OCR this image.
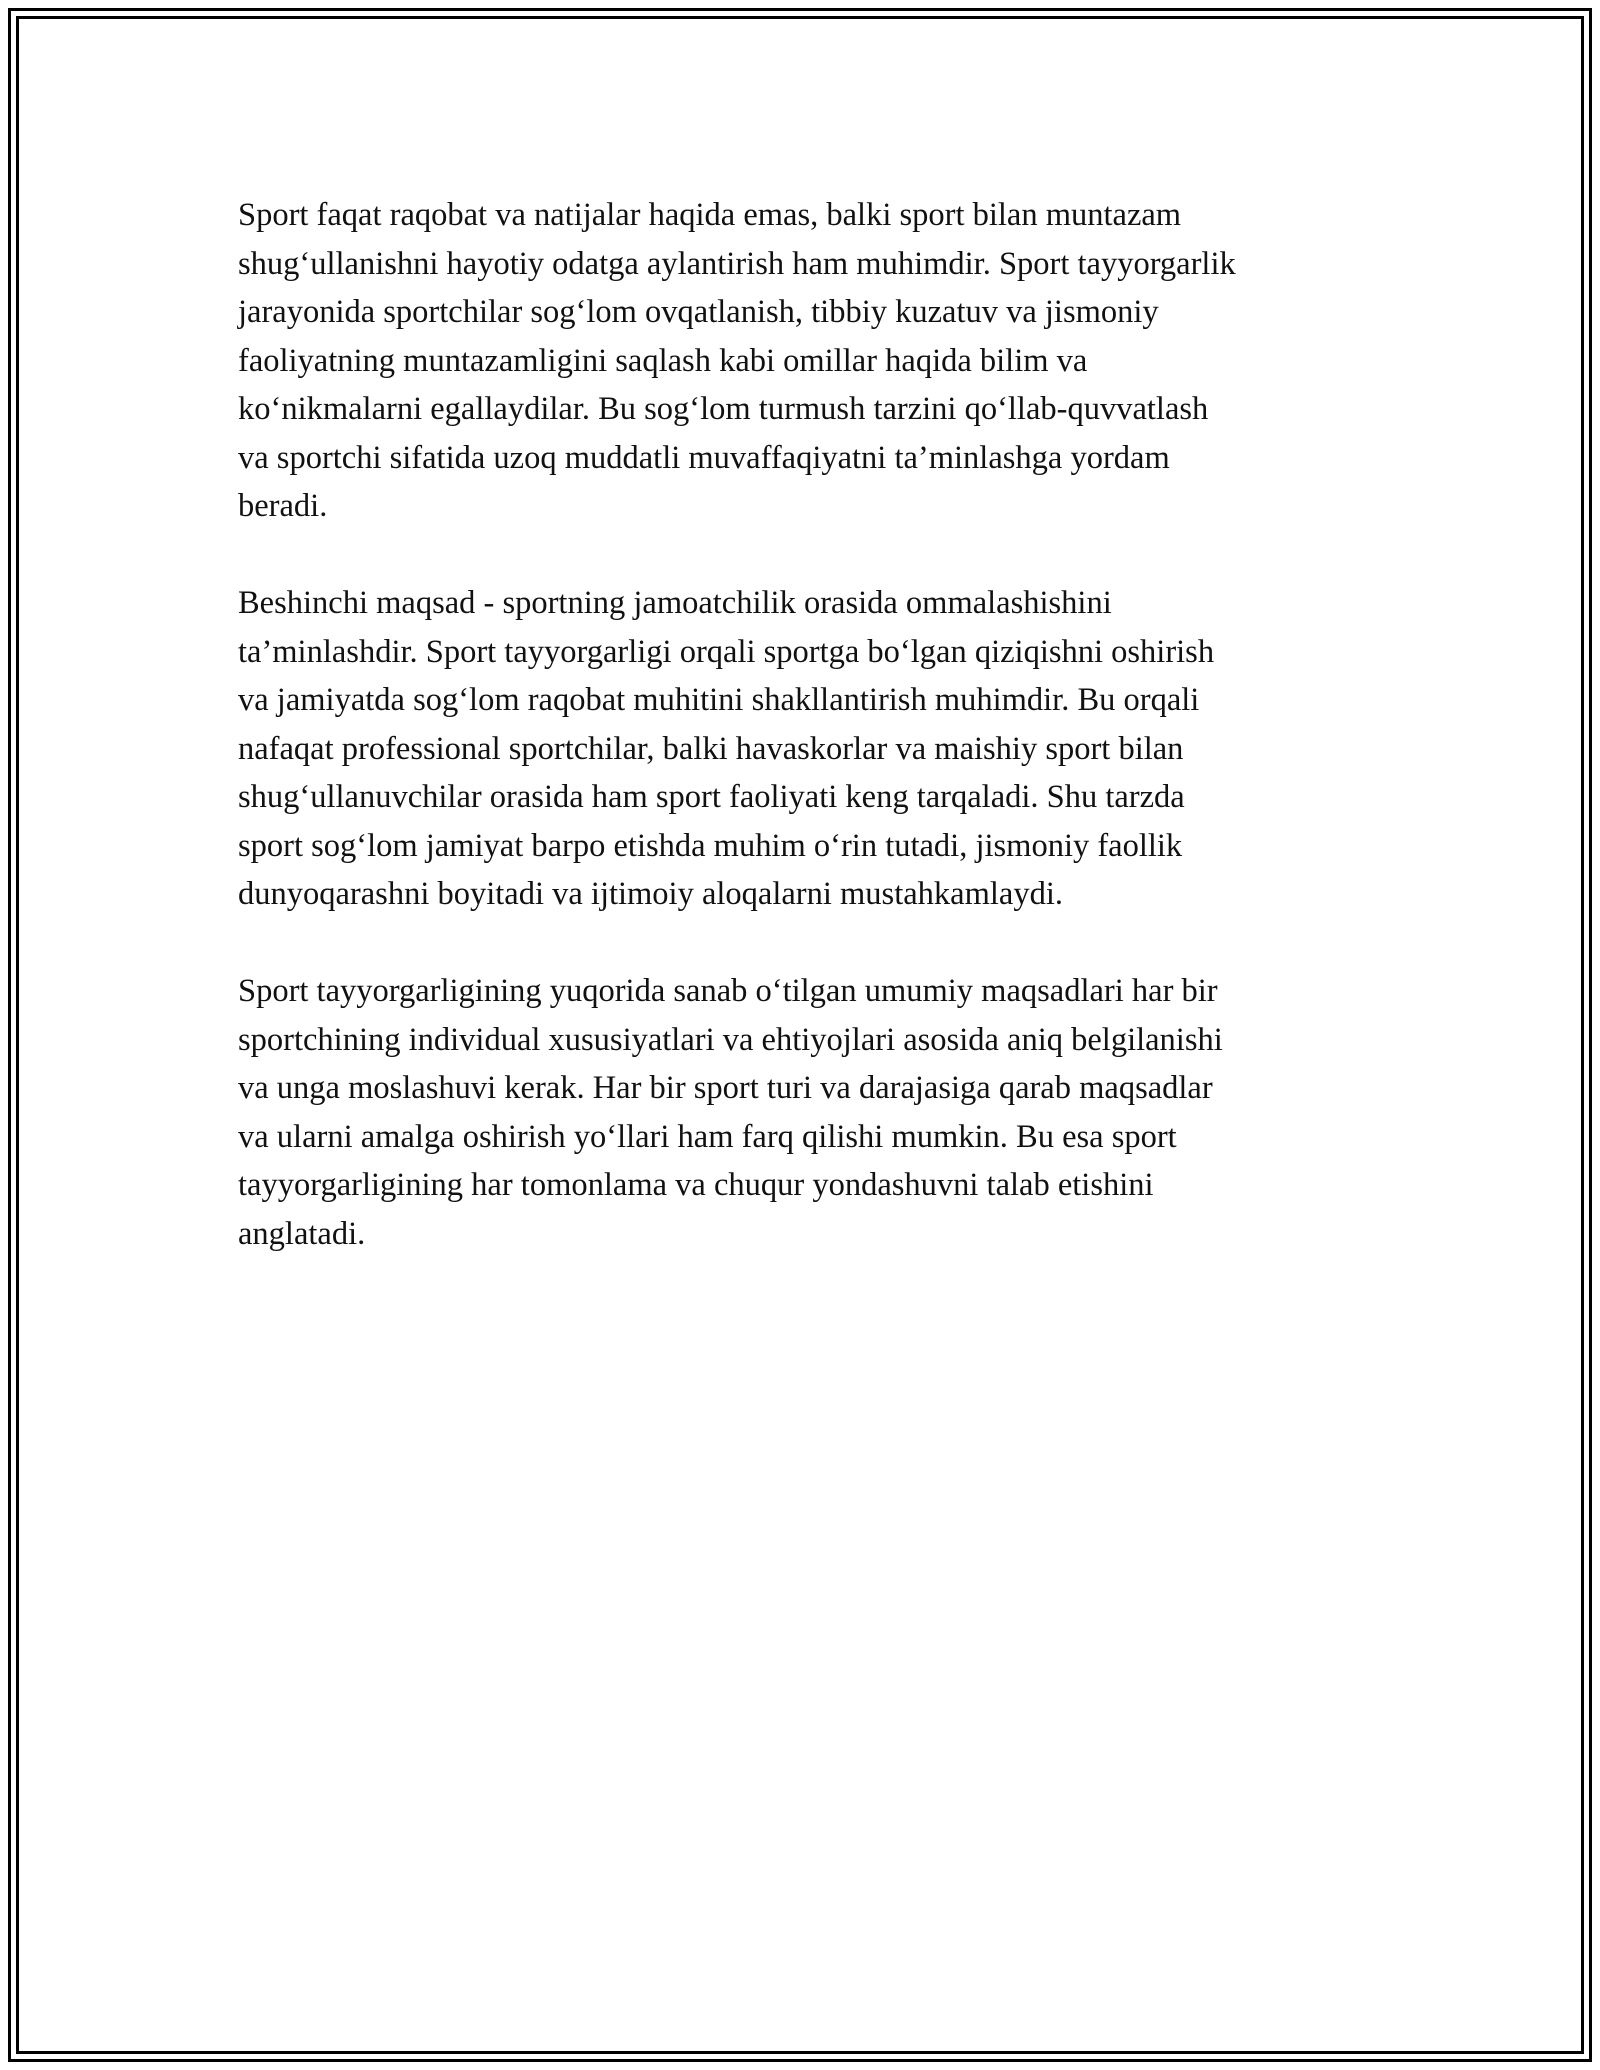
Sport faqat raqobat va natijalar haqida emas, balki sport bilan muntazam
shug‘ullanishni hayotiy odatga aylantirish ham muhimdir. Sport tayyorgarlik
jarayonida sportchilar sog‘lom ovqatlanish, tibbiy kuzatuv va jismoniy
faoliyatning muntazamligini saqlash kabi omillar haqida bilim va
ko‘nikmalarni egallaydilar. Bu sog‘lom turmush tarzini qo‘llab-quvvatlash
va sportchi sifatida uzoq muddatli muvaffaqiyatni ta’minlashga yordam
beradi.

Beshinchi maqsad - sportning jamoatchilik orasida ommalashishini
ta’minlashdir. Sport tayyorgarligi orqali sportga bo‘lgan qiziqishni oshirish
va jamiyatda sog‘lom raqobat muhitini shakllantirish muhimdir. Bu orqali
nafaqat professional sportchilar, balki havaskorlar va maishiy sport bilan
shug‘ullanuvchilar orasida ham sport faoliyati keng tarqaladi. Shu tarzda
sport sog‘lom jamiyat barpo etishda muhim o‘rin tutadi, jismoniy faollik
dunyoqarashni boyitadi va ijtimoiy aloqalarni mustahkamlaydi.

Sport tayyorgarligining yuqorida sanab o‘tilgan umumiy maqsadlari har bir
sportchining individual xususiyatlari va ehtiyojlari asosida aniq belgilanishi
va unga moslashuvi kerak. Har bir sport turi va darajasiga qarab maqsadlar
va ularni amalga oshirish yo‘llari ham farq qilishi mumkin. Bu esa sport
tayyorgarligining har tomonlama va chuqur yondashuvni talab etishini
anglatadi.
